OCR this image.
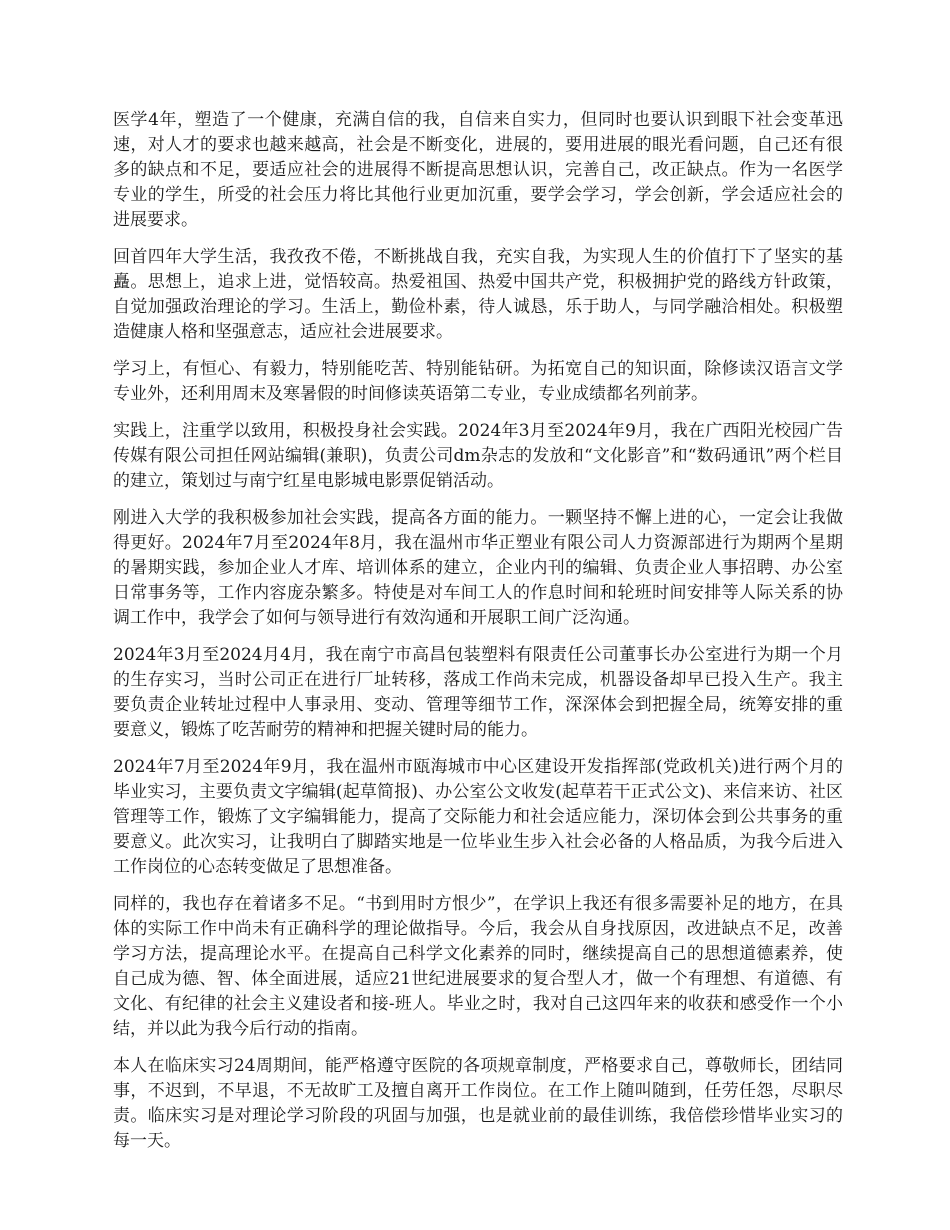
医学4年，塑造了一个健康，充满自信的我，自信来自实力，但同时也要认识到眼下社会变革迅速，对人才的要求也越来越高，社会是不断变化，进展的，要用进展的眼光看问题，自己还有很多的缺点和不足，要适应社会的进展得不断提高思想认识，完善自己，改正缺点。作为一名医学专业的学生，所受的社会压力将比其他行业更加沉重，要学会学习，学会创新，学会适应社会的进展要求。

回首四年大学生活，我孜孜不倦，不断挑战自我，充实自我，为实现人生的价值打下了坚实的基矗。思想上，追求上进，觉悟较高。热爱祖国、热爱中国共产党，积极拥护党的路线方针政策，自觉加强政治理论的学习。生活上，勤俭朴素，待人诚恳，乐于助人，与同学融洽相处。积极塑造健康人格和坚强意志，适应社会进展要求。

学习上，有恒心、有毅力，特别能吃苦、特别能钻研。为拓宽自己的知识面，除修读汉语言文学专业外，还利用周末及寒暑假的时间修读英语第二专业，专业成绩都名列前茅。

实践上，注重学以致用，积极投身社会实践。2024年3月至2024年9月，我在广西阳光校园广告传媒有限公司担任网站编辑(兼职)，负责公司dm杂志的发放和“文化影音”和“数码通讯”两个栏目的建立，策划过与南宁红星电影城电影票促销活动。

刚进入大学的我积极参加社会实践，提高各方面的能力。一颗坚持不懈上进的心，一定会让我做得更好。2024年7月至2024年8月，我在温州市华正塑业有限公司人力资源部进行为期两个星期的暑期实践，参加企业人才库、培训体系的建立，企业内刊的编辑、负责企业人事招聘、办公室日常事务等，工作内容庞杂繁多。特使是对车间工人的作息时间和轮班时间安排等人际关系的协调工作中，我学会了如何与领导进行有效沟通和开展职工间广泛沟通。

2024年3月至2024月4月，我在南宁市高昌包装塑料有限责任公司董事长办公室进行为期一个月的生存实习，当时公司正在进行厂址转移，落成工作尚未完成，机器设备却早已投入生产。我主要负责企业转址过程中人事录用、变动、管理等细节工作，深深体会到把握全局，统筹安排的重要意义，锻炼了吃苦耐劳的精神和把握关键时局的能力。

2024年7月至2024年9月，我在温州市瓯海城市中心区建设开发指挥部(党政机关)进行两个月的毕业实习，主要负责文字编辑(起草简报)、办公室公文收发(起草若干正式公文)、来信来访、社区管理等工作，锻炼了文字编辑能力，提高了交际能力和社会适应能力，深切体会到公共事务的重要意义。此次实习，让我明白了脚踏实地是一位毕业生步入社会必备的人格品质，为我今后进入工作岗位的心态转变做足了思想准备。

同样的，我也存在着诸多不足。“书到用时方恨少”，在学识上我还有很多需要补足的地方，在具体的实际工作中尚未有正确科学的理论做指导。今后，我会从自身找原因，改进缺点不足，改善学习方法，提高理论水平。在提高自己科学文化素养的同时，继续提高自己的思想道德素养，使自己成为德、智、体全面进展，适应21世纪进展要求的复合型人才，做一个有理想、有道德、有文化、有纪律的社会主义建设者和接-班人。毕业之时，我对自己这四年来的收获和感受作一个小结，并以此为我今后行动的指南。

本人在临床实习24周期间，能严格遵守医院的各项规章制度，严格要求自己，尊敬师长，团结同事，不迟到，不早退，不无故旷工及擅自离开工作岗位。在工作上随叫随到，任劳任怨，尽职尽责。临床实习是对理论学习阶段的巩固与加强，也是就业前的最佳训练，我倍偿珍惜毕业实习的每一天。
